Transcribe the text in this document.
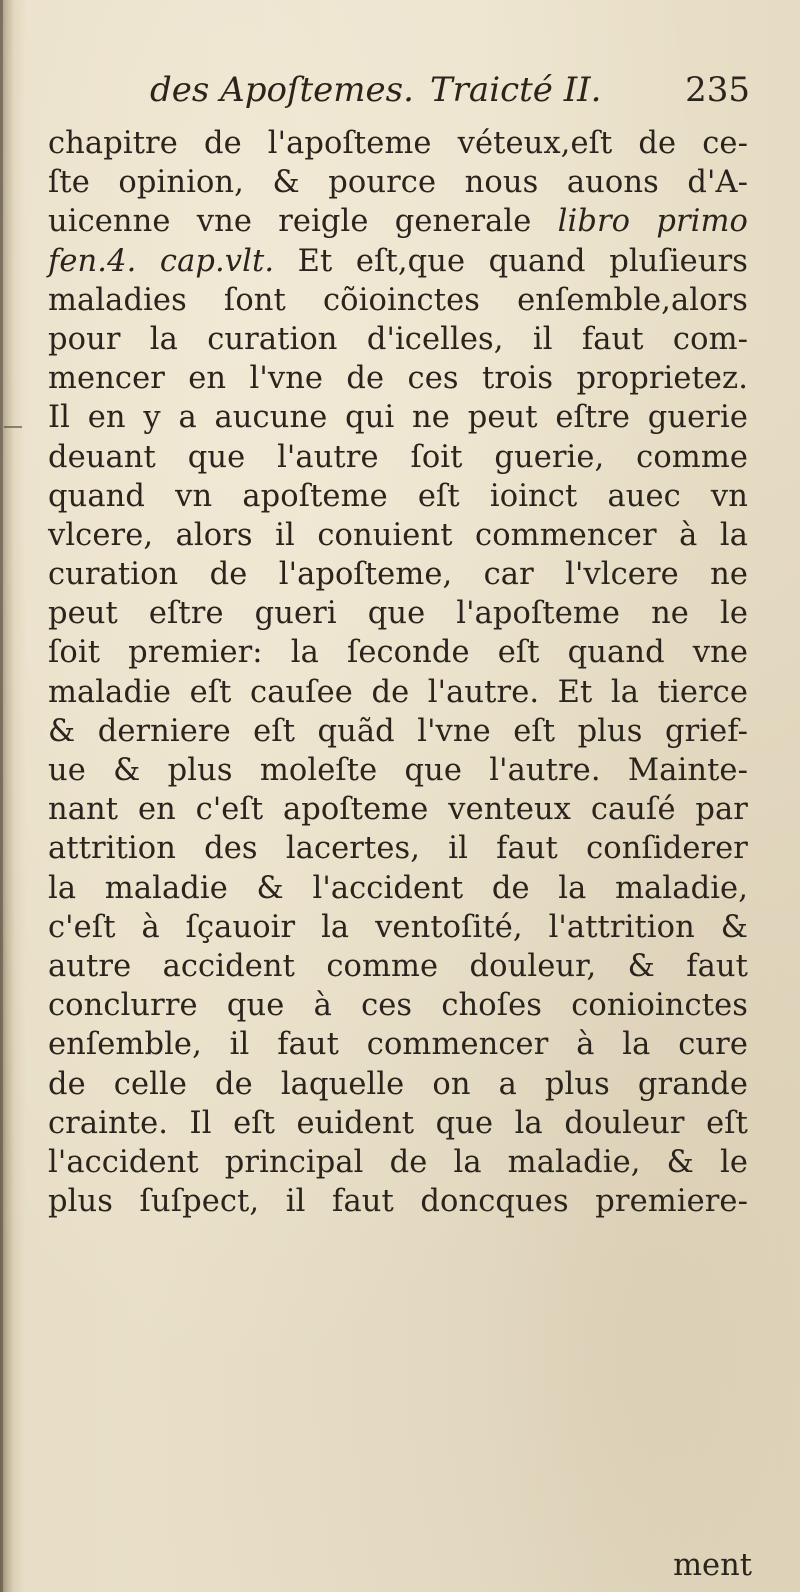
des Apoſtemes. Traicté II. 235
chapitre de l'apoſteme véteux,eſt de ce-
ſte opinion, & pource nous auons d'A-
uicenne vne reigle generale libro primo
fen.4. cap.vlt. Et eſt,que quand pluſieurs
maladies ſont cõioinctes enſemble,alors
pour la curation d'icelles, il faut com-
mencer en l'vne de ces trois proprietez.
Il en y a aucune qui ne peut eſtre guerie
deuant que l'autre ſoit guerie, comme
quand vn apoſteme eſt ioinct auec vn
vlcere, alors il conuient commencer à la
curation de l'apoſteme, car l'vlcere ne
peut eſtre gueri que l'apoſteme ne le
ſoit premier: la ſeconde eſt quand vne
maladie eſt cauſee de l'autre. Et la tierce
& derniere eſt quãd l'vne eſt plus grief-
ue & plus moleſte que l'autre. Mainte-
nant en c'eſt apoſteme venteux cauſé par
attrition des lacertes, il faut conſiderer
la maladie & l'accident de la maladie,
c'eſt à ſçauoir la ventoſité, l'attrition &
autre accident comme douleur, & faut
conclurre que à ces choſes conioinctes
enſemble, il faut commencer à la cure
de celle de laquelle on a plus grande
crainte. Il eſt euident que la douleur eſt
l'accident principal de la maladie, & le
plus ſuſpect, il faut doncques premiere-
ment
